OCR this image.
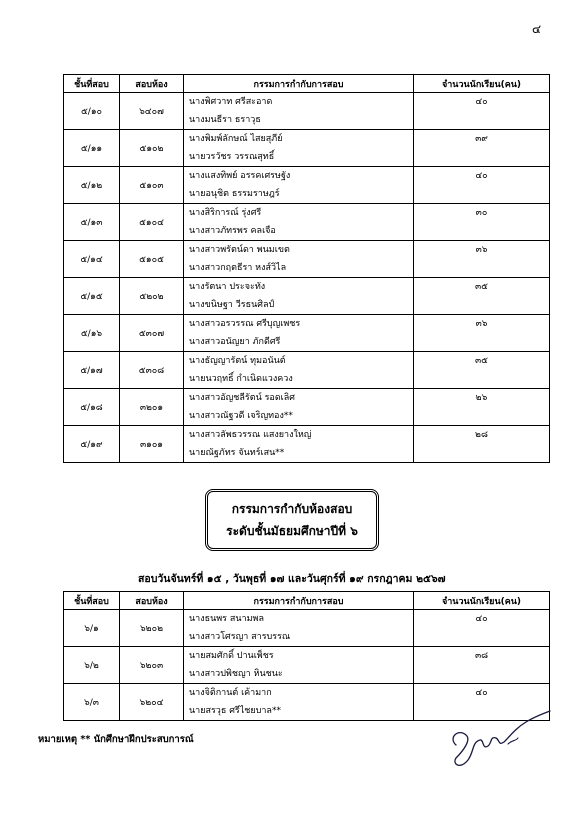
๔
ชั้นที่สอบ	สอบห้อง	กรรมการกำกับการสอบ	จำนวนนักเรียน(คน)
๕/๑๐	๖๔๐๗	นางพิศวาท ศรีสะอาด
นางมนธีรา ธราวุธ	๔๐
๕/๑๑	๕๑๐๒	นางพิมพ์ลักษณ์ ไสยสุภีย์
นายวรวัชร วรรณสุทธิ์	๓๙
๕/๑๒	๕๑๐๓	นางแสงทิพย์ อรรคเศรษฐัง
นายอนุชิต ธรรมราษฎร์	๔๐
๕/๑๓	๕๑๐๔	นางสิริการณ์ รุ่งศรี
นางสาวภัทรพร คลเจือ	๓๐
๕/๑๔	๕๑๐๕	นางสาวพรัตน์ดา พนมเขต
นางสาวกฤตธีรา หงส์วิไล	๓๖
๕/๑๕	๕๒๐๒	นางรัตนา ประจะทัง
นางขนิษฐา วีรธนศิลป์	๓๕
๕/๑๖	๕๓๐๗	นางสาวอรวรรณ ศรีบุญเพชร
นางสาวอนัญยา ภักดีศรี	๓๖
๕/๑๗	๕๓๐๘	นางธัญญารัตน์ ทุมอนันต์
นายนวฤทธิ์ กำเนิดแวงควง	๓๕
๕/๑๘	๓๒๐๑	นางสาวอัญชลีรัตน์ รอดเลิศ
นางสาวณัฐวดี เจริญทอง**	๒๖
๕/๑๙	๓๑๐๑	นางสาวลัพธวรรณ แสงยางใหญ่
นายณัฐภัทร จันทร์เสน**	๒๘
กรรมการกำกับห้องสอบ
ระดับชั้นมัธยมศึกษาปีที่ ๖
สอบวันจันทร์ที่ ๑๕ , วันพุธที่ ๑๗ และวันศุกร์ที่ ๑๙ กรกฎาคม ๒๕๖๗
ชั้นที่สอบ	สอบห้อง	กรรมการกำกับการสอบ	จำนวนนักเรียน(คน)
๖/๑	๖๒๐๒	นางธนพร สนามพล
นางสาวโศรญา สารบรรณ	๔๐
๖/๒	๖๒๐๓	นายสมศักดิ์ ปานเพ็ชร
นางสาวปพิชญา หินชนะ	๓๘
๖/๓	๖๒๐๔	นางจิติกานต์ เค้ามาก
นายสรวุธ ศรีไชยบาล**	๔๐
หมายเหตุ ** นักศึกษาฝึกประสบการณ์
